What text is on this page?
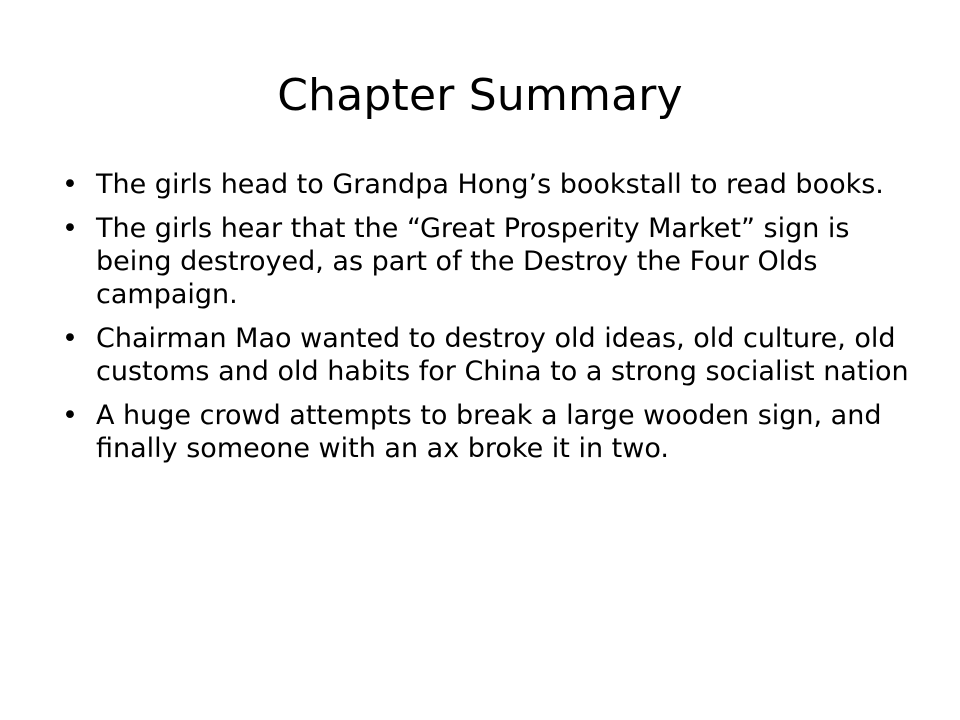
Chapter Summary
• The girls head to Grandpa Hong’s bookstall to read books.
• The girls hear that the “Great Prosperity Market” sign is being destroyed, as part of the Destroy the Four Olds campaign.
• Chairman Mao wanted to destroy old ideas, old culture, old customs and old habits for China to a strong socialist nation
• A huge crowd attempts to break a large wooden sign, and finally someone with an ax broke it in two.
